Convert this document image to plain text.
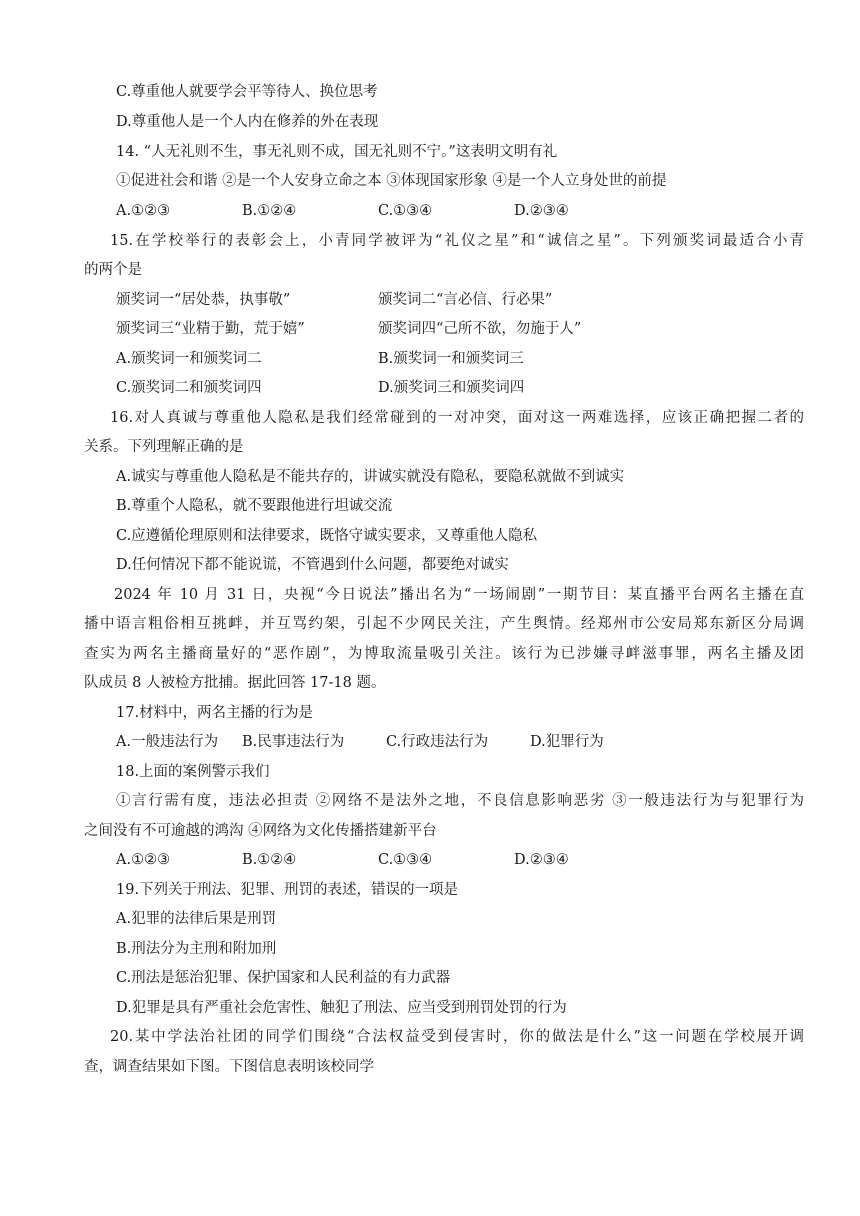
C.尊重他人就要学会平等待人、换位思考
D.尊重他人是一个人内在修养的外在表现
14. “人无礼则不生，事无礼则不成，国无礼则不宁。”这表明文明有礼
①促进社会和谐 ②是一个人安身立命之本 ③体现国家形象 ④是一个人立身处世的前提
A.①②③	B.①②④	C.①③④	D.②③④
15.在学校举行的表彰会上，小青同学被评为“礼仪之星”和“诚信之星”。下列颁奖词最适合小青
的两个是
颁奖词一“居处恭，执事敬”	颁奖词二“言必信、行必果”
颁奖词三“业精于勤，荒于嬉”	颁奖词四“己所不欲，勿施于人”
A.颁奖词一和颁奖词二	B.颁奖词一和颁奖词三
C.颁奖词二和颁奖词四	D.颁奖词三和颁奖词四
16.对人真诚与尊重他人隐私是我们经常碰到的一对冲突，面对这一两难选择，应该正确把握二者的
关系。下列理解正确的是
A.诚实与尊重他人隐私是不能共存的，讲诚实就没有隐私，要隐私就做不到诚实
B.尊重个人隐私，就不要跟他进行坦诚交流
C.应遵循伦理原则和法律要求，既恪守诚实要求，又尊重他人隐私
D.任何情况下都不能说谎，不管遇到什么问题，都要绝对诚实
2024 年 10 月 31 日，央视“今日说法”播出名为“一场闹剧”一期节目：某直播平台两名主播在直
播中语言粗俗相互挑衅，并互骂约架，引起不少网民关注，产生舆情。经郑州市公安局郑东新区分局调
查实为两名主播商量好的“恶作剧”，为博取流量吸引关注。该行为已涉嫌寻衅滋事罪，两名主播及团
队成员 8 人被检方批捕。据此回答 17-18 题。
17.材料中，两名主播的行为是
A.一般违法行为 B.民事违法行为	C.行政违法行为	D.犯罪行为
18.上面的案例警示我们
①言行需有度，违法必担责 ②网络不是法外之地，不良信息影响恶劣 ③一般违法行为与犯罪行为
之间没有不可逾越的鸿沟 ④网络为文化传播搭建新平台
A.①②③	B.①②④	C.①③④	D.②③④
19.下列关于刑法、犯罪、刑罚的表述，错误的一项是
A.犯罪的法律后果是刑罚
B.刑法分为主刑和附加刑
C.刑法是惩治犯罪、保护国家和人民利益的有力武器
D.犯罪是具有严重社会危害性、触犯了刑法、应当受到刑罚处罚的行为
20.某中学法治社团的同学们围绕“合法权益受到侵害时，你的做法是什么”这一问题在学校展开调
查，调查结果如下图。下图信息表明该校同学
